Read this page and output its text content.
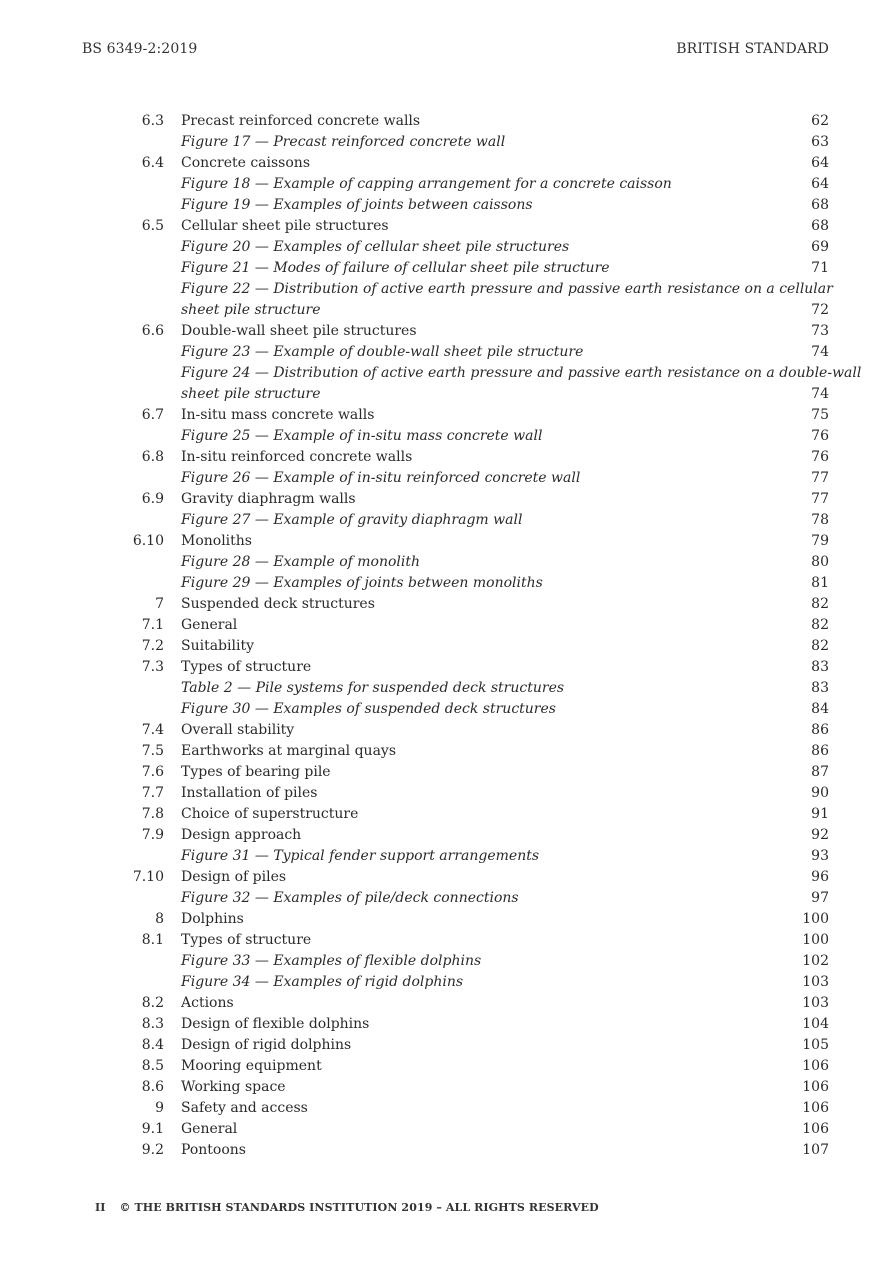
BS 6349-2:2019	BRITISH STANDARD
6.3 Precast reinforced concrete walls	62
Figure 17 — Precast reinforced concrete wall	63
6.4 Concrete caissons	64
Figure 18 — Example of capping arrangement for a concrete caisson	64
Figure 19 — Examples of joints between caissons	68
6.5 Cellular sheet pile structures	68
Figure 20 — Examples of cellular sheet pile structures	69
Figure 21 — Modes of failure of cellular sheet pile structure	71
Figure 22 — Distribution of active earth pressure and passive earth resistance on a cellular
sheet pile structure	72
6.6 Double-wall sheet pile structures	73
Figure 23 — Example of double-wall sheet pile structure	74
Figure 24 — Distribution of active earth pressure and passive earth resistance on a double-wall
sheet pile structure	74
6.7 In-situ mass concrete walls	75
Figure 25 — Example of in-situ mass concrete wall	76
6.8 In-situ reinforced concrete walls	76
Figure 26 — Example of in-situ reinforced concrete wall	77
6.9 Gravity diaphragm walls	77
Figure 27 — Example of gravity diaphragm wall	78
6.10 Monoliths	79
Figure 28 — Example of monolith	80
Figure 29 — Examples of joints between monoliths	81
7 Suspended deck structures	82
7.1 General	82
7.2 Suitability	82
7.3 Types of structure	83
Table 2 — Pile systems for suspended deck structures	83
Figure 30 — Examples of suspended deck structures	84
7.4 Overall stability	86
7.5 Earthworks at marginal quays	86
7.6 Types of bearing pile	87
7.7 Installation of piles	90
7.8 Choice of superstructure	91
7.9 Design approach	92
Figure 31 — Typical fender support arrangements	93
7.10 Design of piles	96
Figure 32 — Examples of pile/deck connections	97
8 Dolphins	100
8.1 Types of structure	100
Figure 33 — Examples of flexible dolphins	102
Figure 34 — Examples of rigid dolphins	103
8.2 Actions	103
8.3 Design of flexible dolphins	104
8.4 Design of rigid dolphins	105
8.5 Mooring equipment	106
8.6 Working space	106
9 Safety and access	106
9.1 General	106
9.2 Pontoons	107
II © THE BRITISH STANDARDS INSTITUTION 2019 – ALL RIGHTS RESERVED
